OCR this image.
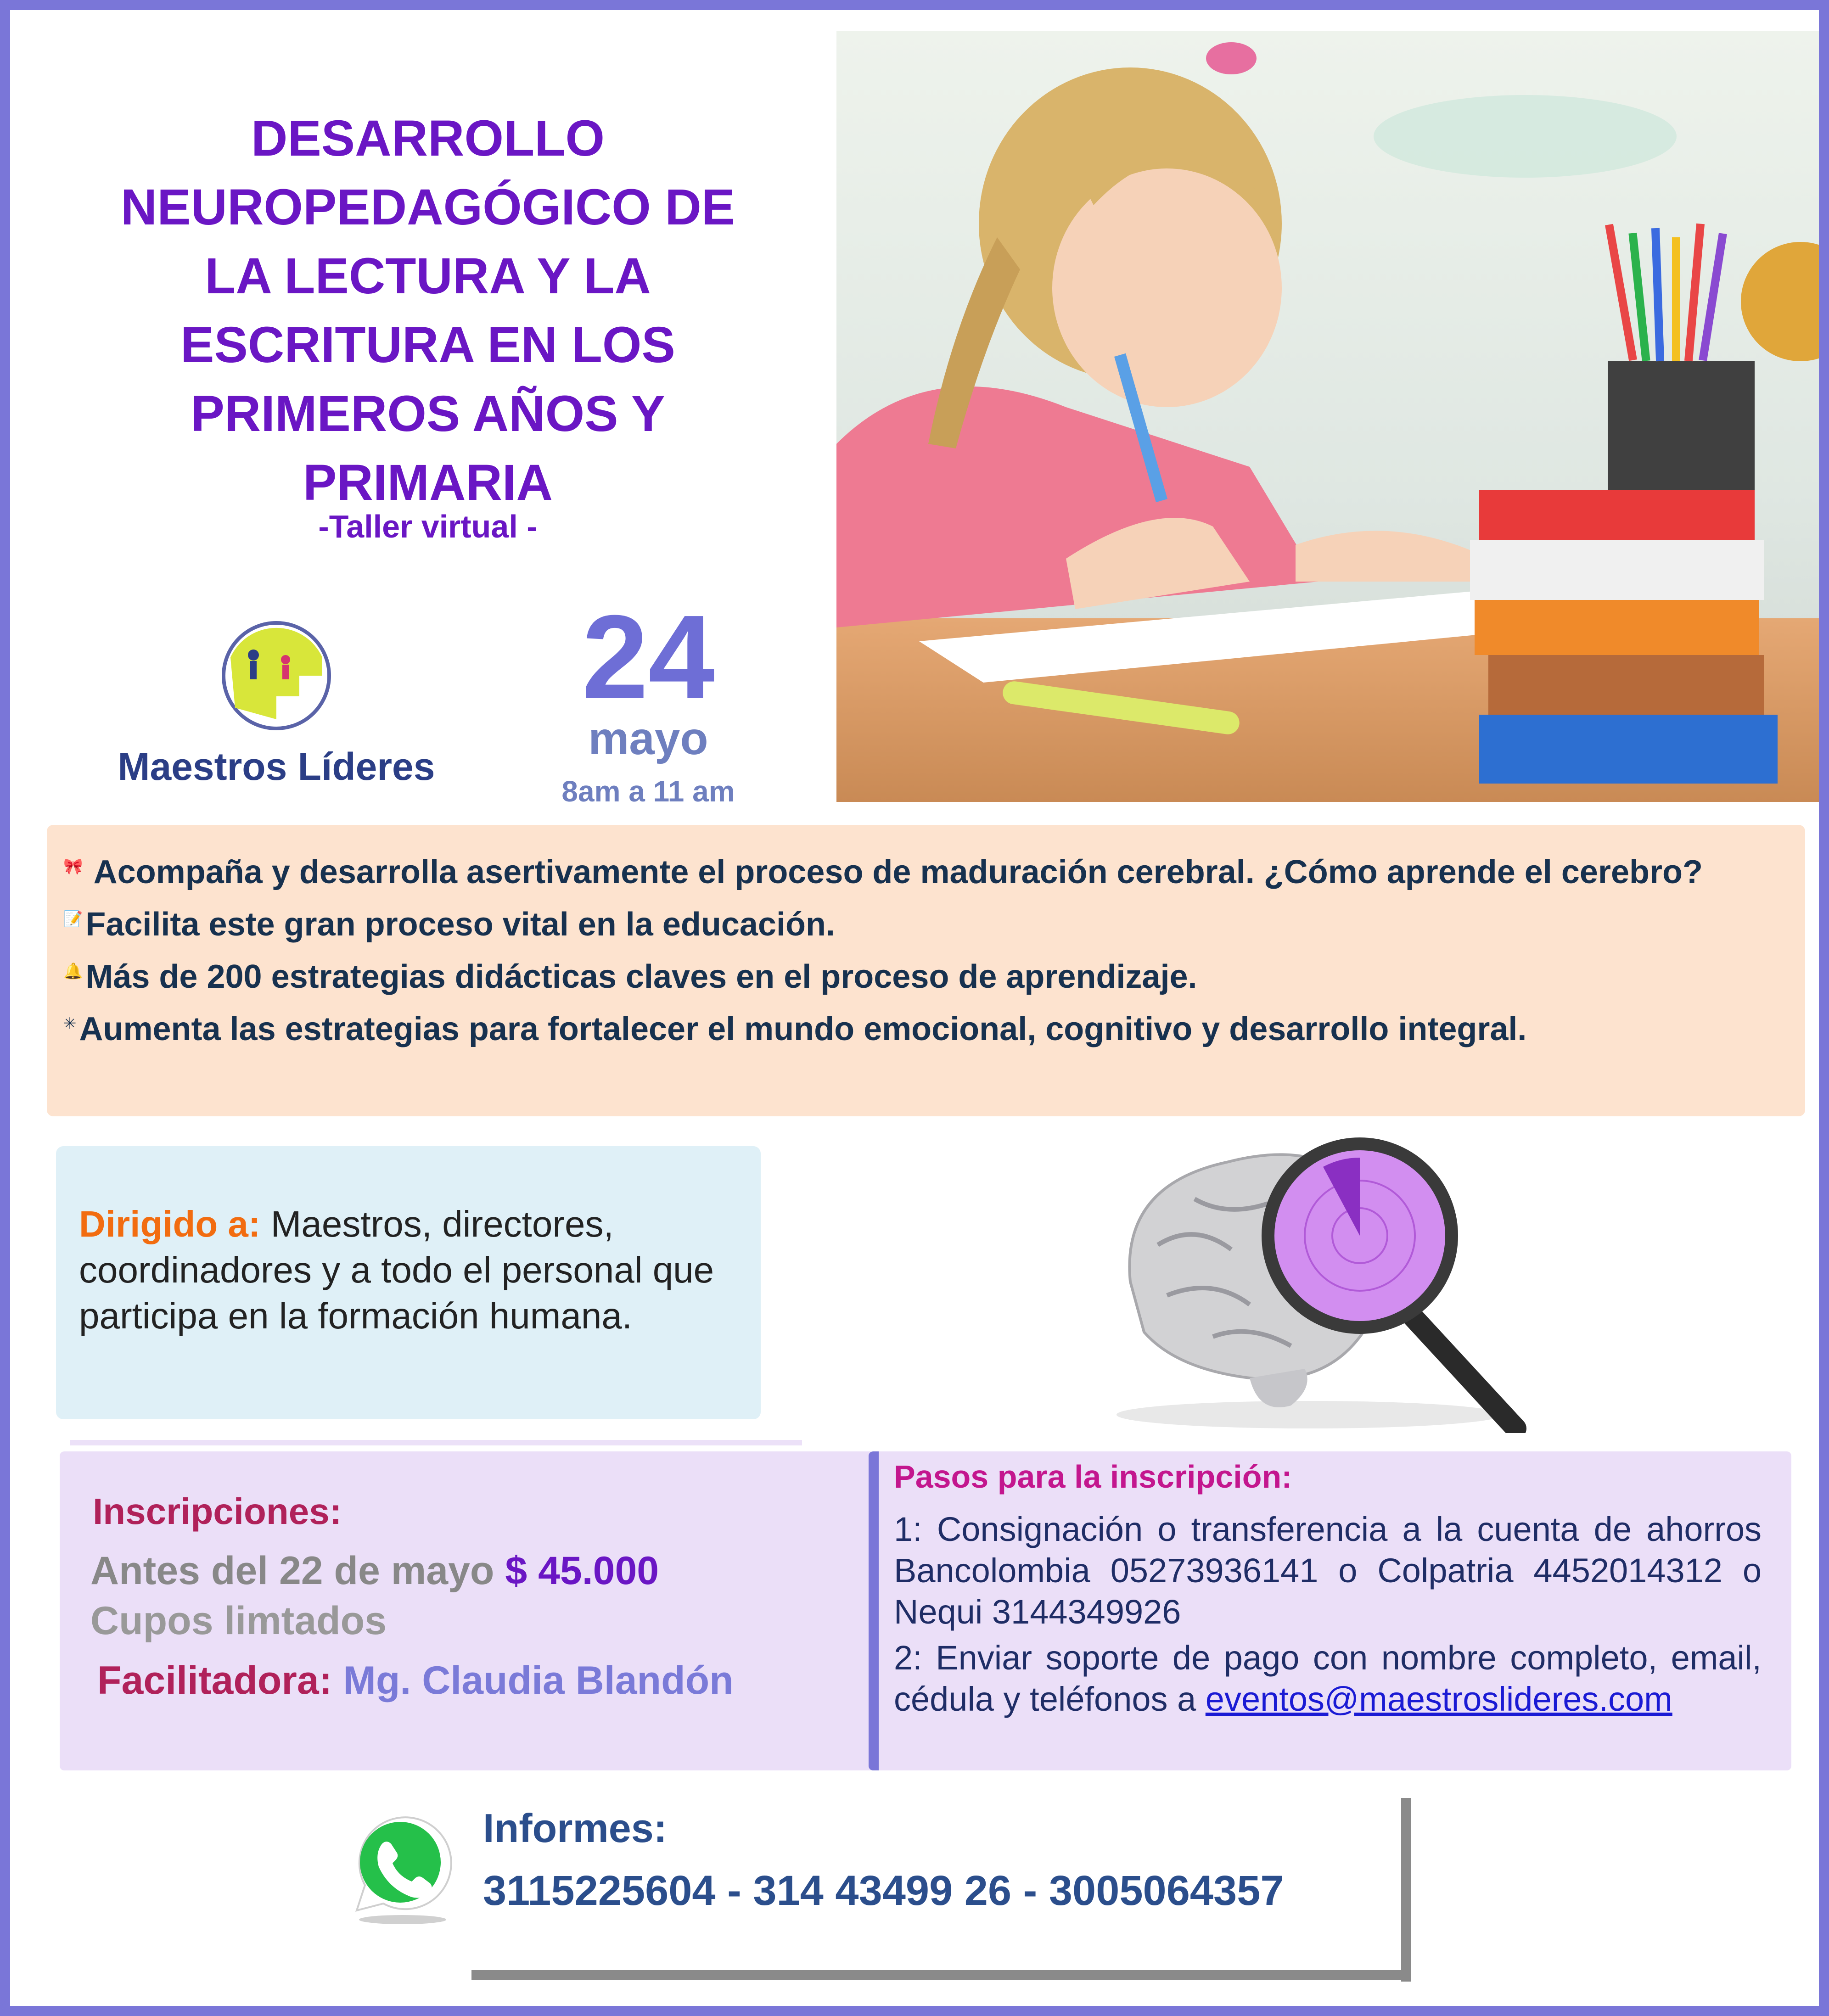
DESARROLLO
NEUROPEDAGÓGICO DE
LA LECTURA Y LA
ESCRITURA EN LOS
PRIMEROS AÑOS Y
PRIMARIA
-Taller virtual -
Maestros Líderes
24
mayo
8am a 11 am
🎀 Acompaña y desarrolla asertivamente el proceso de maduración cerebral. ¿Cómo aprende el cerebro?
📝Facilita este gran proceso vital en la educación.
🔔Más de 200 estrategias didácticas claves en el proceso de aprendizaje.
✳Aumenta las estrategias para fortalecer el mundo emocional, cognitivo y desarrollo integral.
Dirigido a: Maestros, directores, coordinadores y a todo el personal que participa en la formación humana.
Inscripciones:
Antes del 22 de mayo $ 45.000
Cupos limtados
Facilitadora: Mg. Claudia Blandón
Pasos para la inscripción:
1: Consignación o transferencia a la cuenta de ahorros Bancolombia 05273936141 o Colpatria 4452014312 o Nequi 3144349926
2: Enviar soporte de pago con nombre completo, email, cédula y teléfonos a eventos@maestroslideres.com
Informes:
3115225604 - 314 43499 26 - 3005064357
